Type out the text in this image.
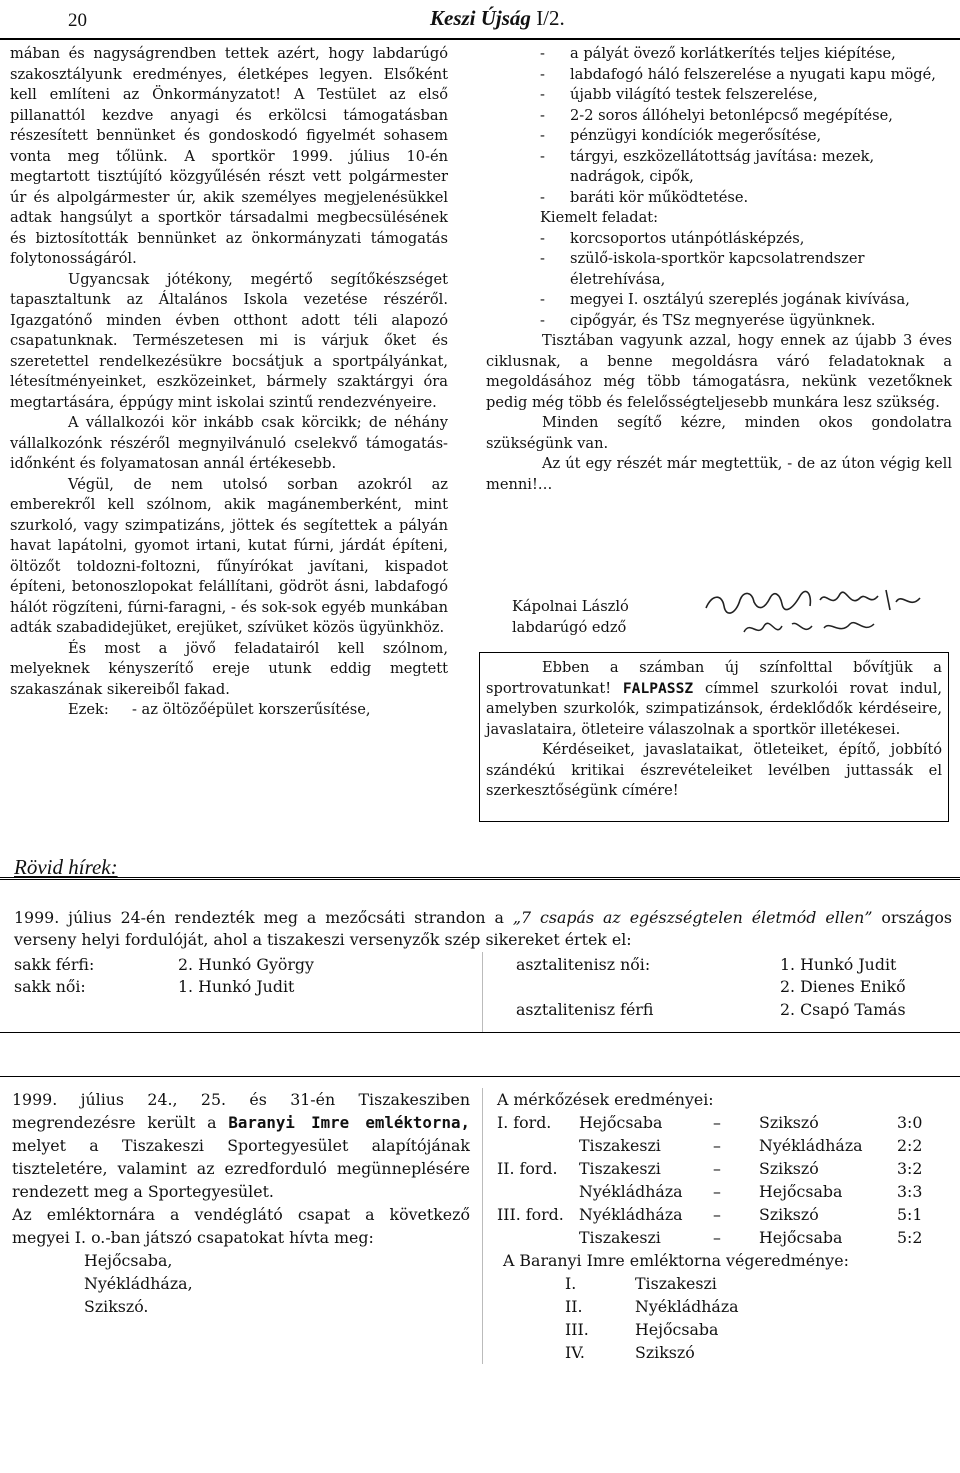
20	Keszi Újság I/2.

mában és nagyságrendben tettek azért, hogy labdarúgó szakosztályunk eredményes, életképes legyen. Elsőként kell említeni az Önkormányzatot! A Testület az első pillanattól kezdve anyagi és erkölcsi támogatásban részesített bennünket és gondoskodó figyelmét sohasem vonta meg tőlünk. A sportkör 1999. július 10-én megtartott tisztújító közgyűlésén részt vett polgármester úr és alpolgármester úr, akik személyes megjelenésükkel adtak hangsúlyt a sportkör társadalmi megbecsülésének és biztosították bennünket az önkormányzati támogatás folytonosságáról.

Ugyancsak jótékony, megértő segítőkészséget tapasztaltunk az Általános Iskola vezetése részéről. Igazgatónő minden évben otthont adott téli alapozó csapatunknak. Természetesen mi is várjuk őket és szeretettel rendelkezésükre bocsátjuk a sportpályánkat, létesítményeinket, eszközeinket, bármely szaktárgyi óra megtartására, éppúgy mint iskolai szintű rendezvényeire.

A vállalkozói kör inkább csak körcikk; de néhány vállalkozónk részéről megnyilvánuló cselekvő támogatás- időnként és folyamatosan annál értékesebb.

Végül, de nem utolsó sorban azokról az emberekről kell szólnom, akik magánemberként, mint szurkoló, vagy szimpatizáns, jöttek és segítettek a pályán havat lapátolni, gyomot irtani, kutat fúrni, járdát építeni, öltözőt toldozni-foltozni, fűnyírókat javítani, kispadot építeni, betonoszlopokat felállítani, gödröt ásni, labdafogó hálót rögzíteni, fúrni-faragni, - és sok-sok egyéb munkában adták szabadidejüket, erejüket, szívüket közös ügyünkhöz.

És most a jövő feladatairól kell szólnom, melyeknek kényszerítő ereje utunk eddig megtett szakaszának sikereiből fakad.

Ezek: - az öltözőépület korszerűsítése,

- a pályát övező korlátkerítés teljes kiépítése,
- labdafogó háló felszerelése a nyugati kapu mögé,
- újabb világító testek felszerelése,
- 2-2 soros állóhelyi betonlépcső megépítése,
- pénzügyi kondíciók megerősítése,
- tárgyi, eszközellátottság javítása: mezek, nadrágok, cipők,
- baráti kör működtetése.
Kiemelt feladat:
- korcsoportos utánpótlásképzés,
- szülő-iskola-sportkör kapcsolatrendszer életrehívása,
- megyei I. osztályú szereplés jogának kivívása,
- cipőgyár, és TSz megnyerése ügyünknek.

Tisztában vagyunk azzal, hogy ennek az újabb 3 éves ciklusnak, a benne megoldásra váró feladatoknak a megoldásához még több támogatásra, nekünk vezetőknek pedig még több és felelősségteljesebb munkára lesz szükség.

Minden segítő kézre, minden okos gondolatra szükségünk van.

Az út egy részét már megtettük, - de az úton végig kell menni!…

Kápolnai László
labdarúgó edző

Ebben a számban új színfolttal bővítjük a sportrovatunkat! FALPASSZ címmel szurkolói rovat indul, amelyben szurkolók, szimpatizánsok, érdeklődők kérdéseire, javaslataira, ötleteire válaszolnak a sportkör illetékesei.

Kérdéseiket, javaslataikat, ötleteiket, építő, jobbító szándékú kritikai észrevételeiket levélben juttassák el szerkesztőségünk címére!

Rövid hírek:
1999. július 24-én rendezték meg a mezőcsáti strandon a „7 csapás az egészségtelen életmód ellen” országos verseny helyi fordulóját, ahol a tiszakeszi versenyzők szép sikereket értek el:
sakk férfi:	2. Hunkó György
sakk női:	1. Hunkó Judit
asztalitenisz női:	1. Hunkó Judit
2. Dienes Enikő
asztalitenisz férfi	2. Csapó Tamás

1999. július 24., 25. és 31-én Tiszakesziben megrendezésre került a Baranyi Imre emléktorna, melyet a Tiszakeszi Sportegyesület alapítójának tiszteletére, valamint az ezredforduló megünneplésére rendezett meg a Sportegyesület.

Az emléktornára a vendéglátó csapat a következő megyei I. o.-ban játszó csapatokat hívta meg:

Hejőcsaba,
Nyékládháza,
Szikszó.
A mérkőzések eredményei:
I. ford. Hejőcsaba	– Szikszó	3:0
Tiszakeszi	– Nyékládháza 2:2
II. ford. Tiszakeszi	– Szikszó	3:2
Nyékládháza – Hejőcsaba	3:3
III. ford. Nyékládháza – Szikszó	5:1
Tiszakeszi	– Hejőcsaba	5:2
A Baranyi Imre emléktorna végeredménye:
I.	Tiszakeszi
II.	Nyékládháza
III.	Hejőcsaba
IV.	Szikszó
